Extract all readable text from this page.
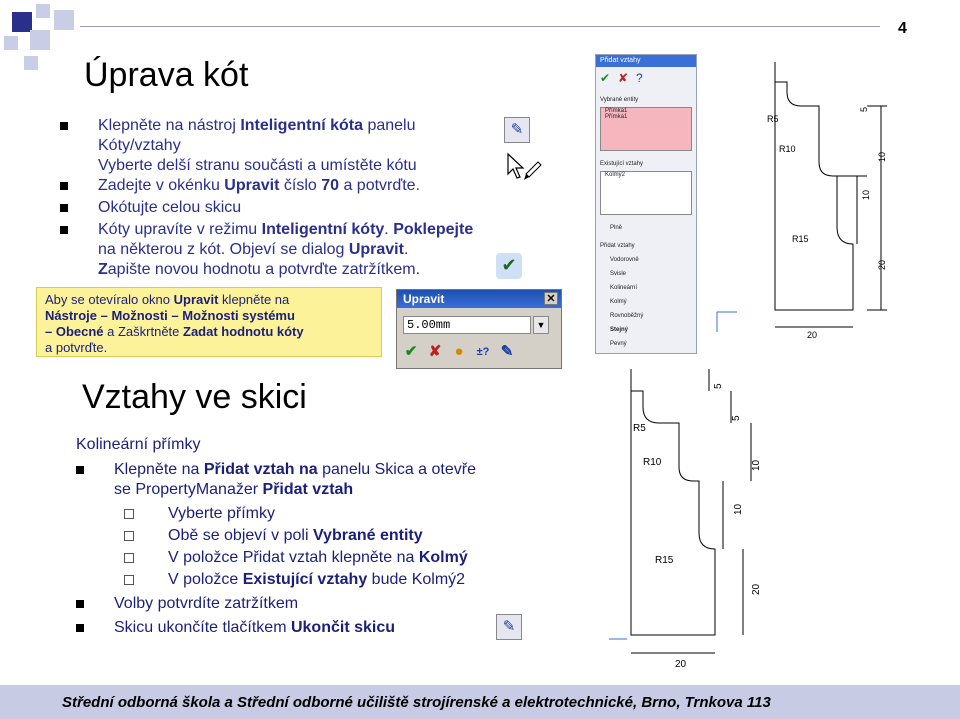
4
Úprava kót
Klepněte na nástroj Inteligentní kóta panelu
Kóty/vztahy
Vyberte delší stranu součásti a umístěte kótu
Zadejte v okénku Upravit číslo 70 a potvrďte.
Okótujte celou skicu
Kóty upravíte v režimu Inteligentní kóty. Poklepejte
na některou z kót. Objeví se dialog Upravit.
Zapište novou hodnotu a potvrďte zatržítkem.
✎
✔
Aby se otevíralo okno Upravit klepněte na
Nástroje – Možnosti – Možnosti systému
– Obecné a Zaškrtněte Zadat hodnotu kóty
a potvrďte.
Upravit	✕
5.00mm	▼
✔ ✘ ●	±? ✎
Přidat vztahy
✔ ✘ ?
Vybrané entity
Přímka1
Přímka1
Existující vztahy
Kolmý2
Plně
Přidat vztahy
Vodorovně
Svisle
Kolineární
Kolmý
Rovnoběžný
Stejný
Pevný
R5
R10
R15
5
10
10
20
20
Vztahy ve skici
Kolineární přímky
Klepněte na Přidat vztah na panelu Skica a otevře
se PropertyManažer Přidat vztah
Vyberte přímky
Obě se objeví v poli Vybrané entity
V položce Přidat vztah klepněte na Kolmý
V položce Existující vztahy bude Kolmý2
Volby potvrdíte zatržítkem
Skicu ukončíte tlačítkem Ukončit skicu	✎
5
R5
5
R10	10
10
R15
20
20
Střední odborná škola a Střední odborné učiliště strojírenské a elektrotechnické, Brno, Trnkova 113
